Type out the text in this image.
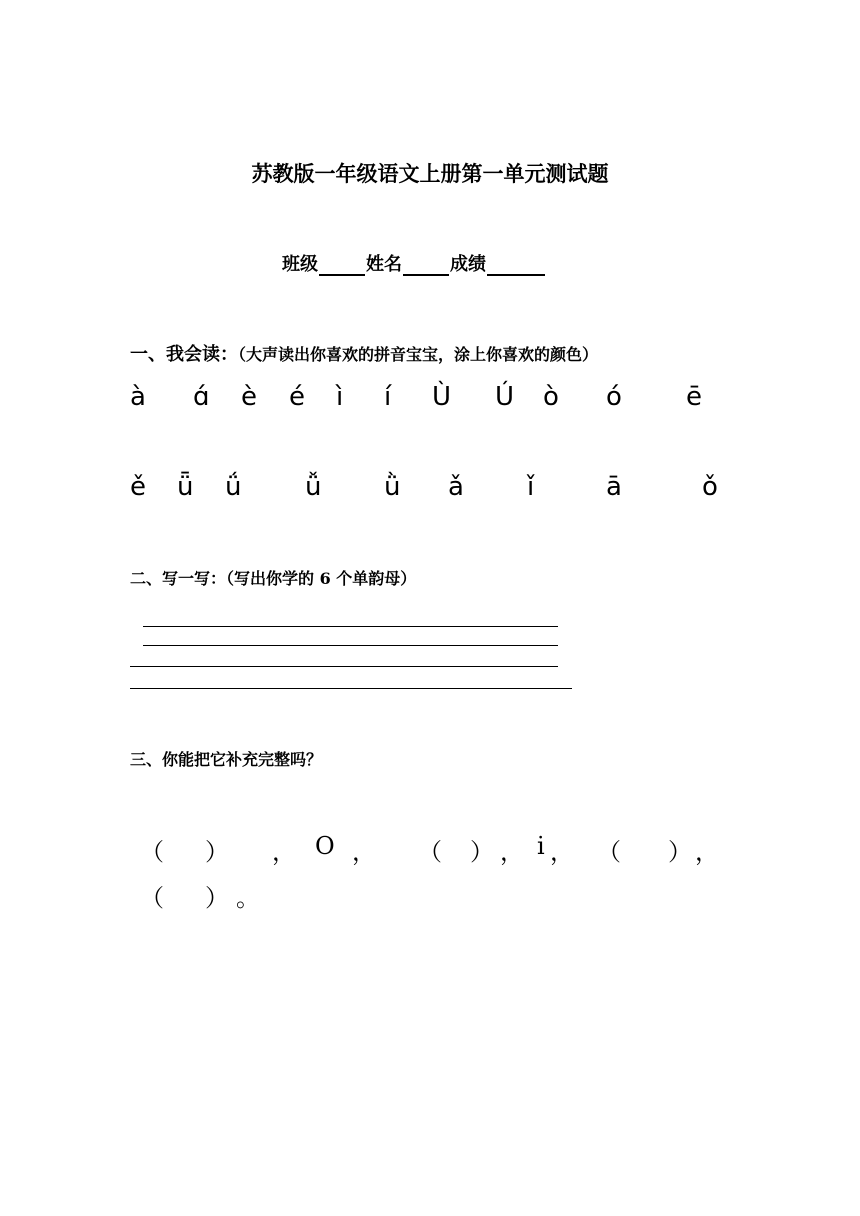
苏教版一年级语文上册第一单元测试题
班级	姓名	成绩
一、我会读：（大声读出你喜欢的拼音宝宝，涂上你喜欢的颜色）
à ɑ́ è é ì í Ù Ú ò ó ē
ě ǖ ǘ ǚ ǜ ǎ ǐ	ā	ǒ
二、写一写：（写出你学的 6 个单韵母）
三、你能把它补充完整吗？
（ ） ， O ， （ ） ， i ， （ ） ，
（ ） 。
